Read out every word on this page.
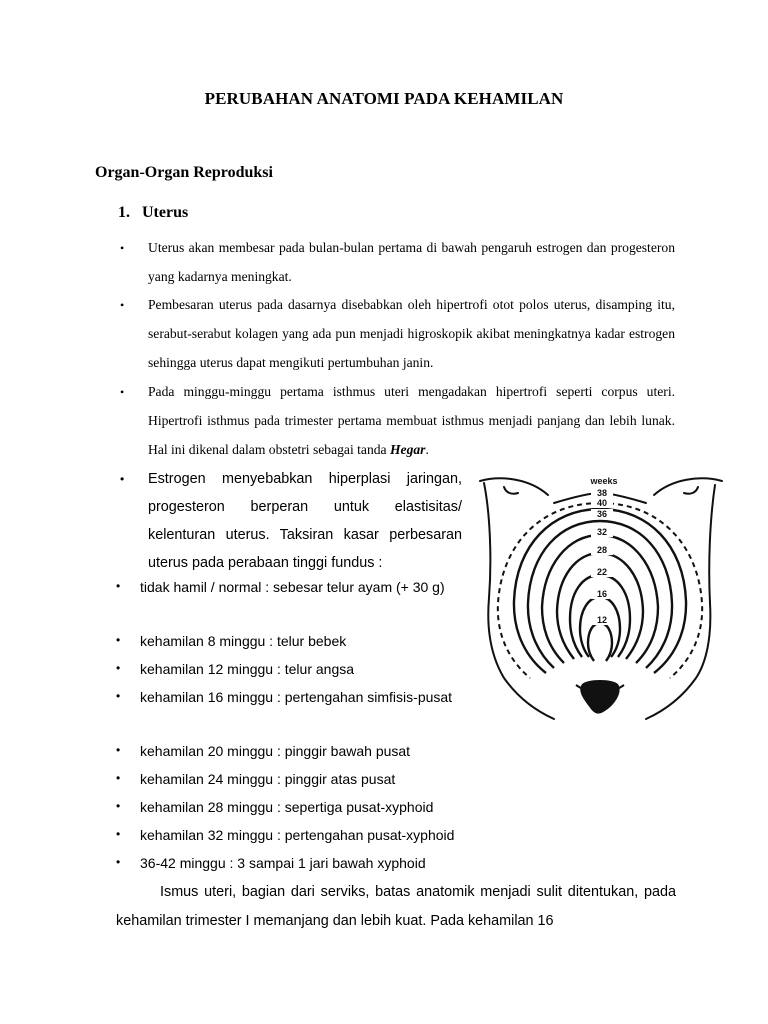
PERUBAHAN ANATOMI PADA KEHAMILAN
Organ-Organ Reproduksi
1. Uterus
• Uterus akan membesar pada bulan-bulan pertama di bawah pengaruh estrogen dan progesteron yang kadarnya meningkat.
• Pembesaran uterus pada dasarnya disebabkan oleh hipertrofi otot polos uterus, disamping itu, serabut-serabut kolagen yang ada pun menjadi higroskopik akibat meningkatnya kadar estrogen sehingga uterus dapat mengikuti pertumbuhan janin.
• Pada minggu-minggu pertama isthmus uteri mengadakan hipertrofi seperti corpus uteri. Hipertrofi isthmus pada trimester pertama membuat isthmus menjadi panjang dan lebih lunak. Hal ini dikenal dalam obstetri sebagai tanda Hegar.
• Estrogen menyebabkan hiperplasi jaringan, progesteron berperan untuk elastisitas/ kelenturan uterus. Taksiran kasar perbesaran uterus pada perabaan tinggi fundus :
• tidak hamil / normal : sebesar telur ayam (+ 30 g)
• kehamilan 8 minggu : telur bebek
• kehamilan 12 minggu : telur angsa
• kehamilan 16 minggu : pertengahan simfisis-pusat
• kehamilan 20 minggu : pinggir bawah pusat
• kehamilan 24 minggu : pinggir atas pusat
• kehamilan 28 minggu : sepertiga pusat-xyphoid
• kehamilan 32 minggu : pertengahan pusat-xyphoid
• 36-42 minggu : 3 sampai 1 jari bawah xyphoid
Ismus uteri, bagian dari serviks, batas anatomik menjadi sulit ditentukan, pada kehamilan trimester I memanjang dan lebih kuat. Pada kehamilan 16
weeks
38
40
36
32
28
22
16
12
